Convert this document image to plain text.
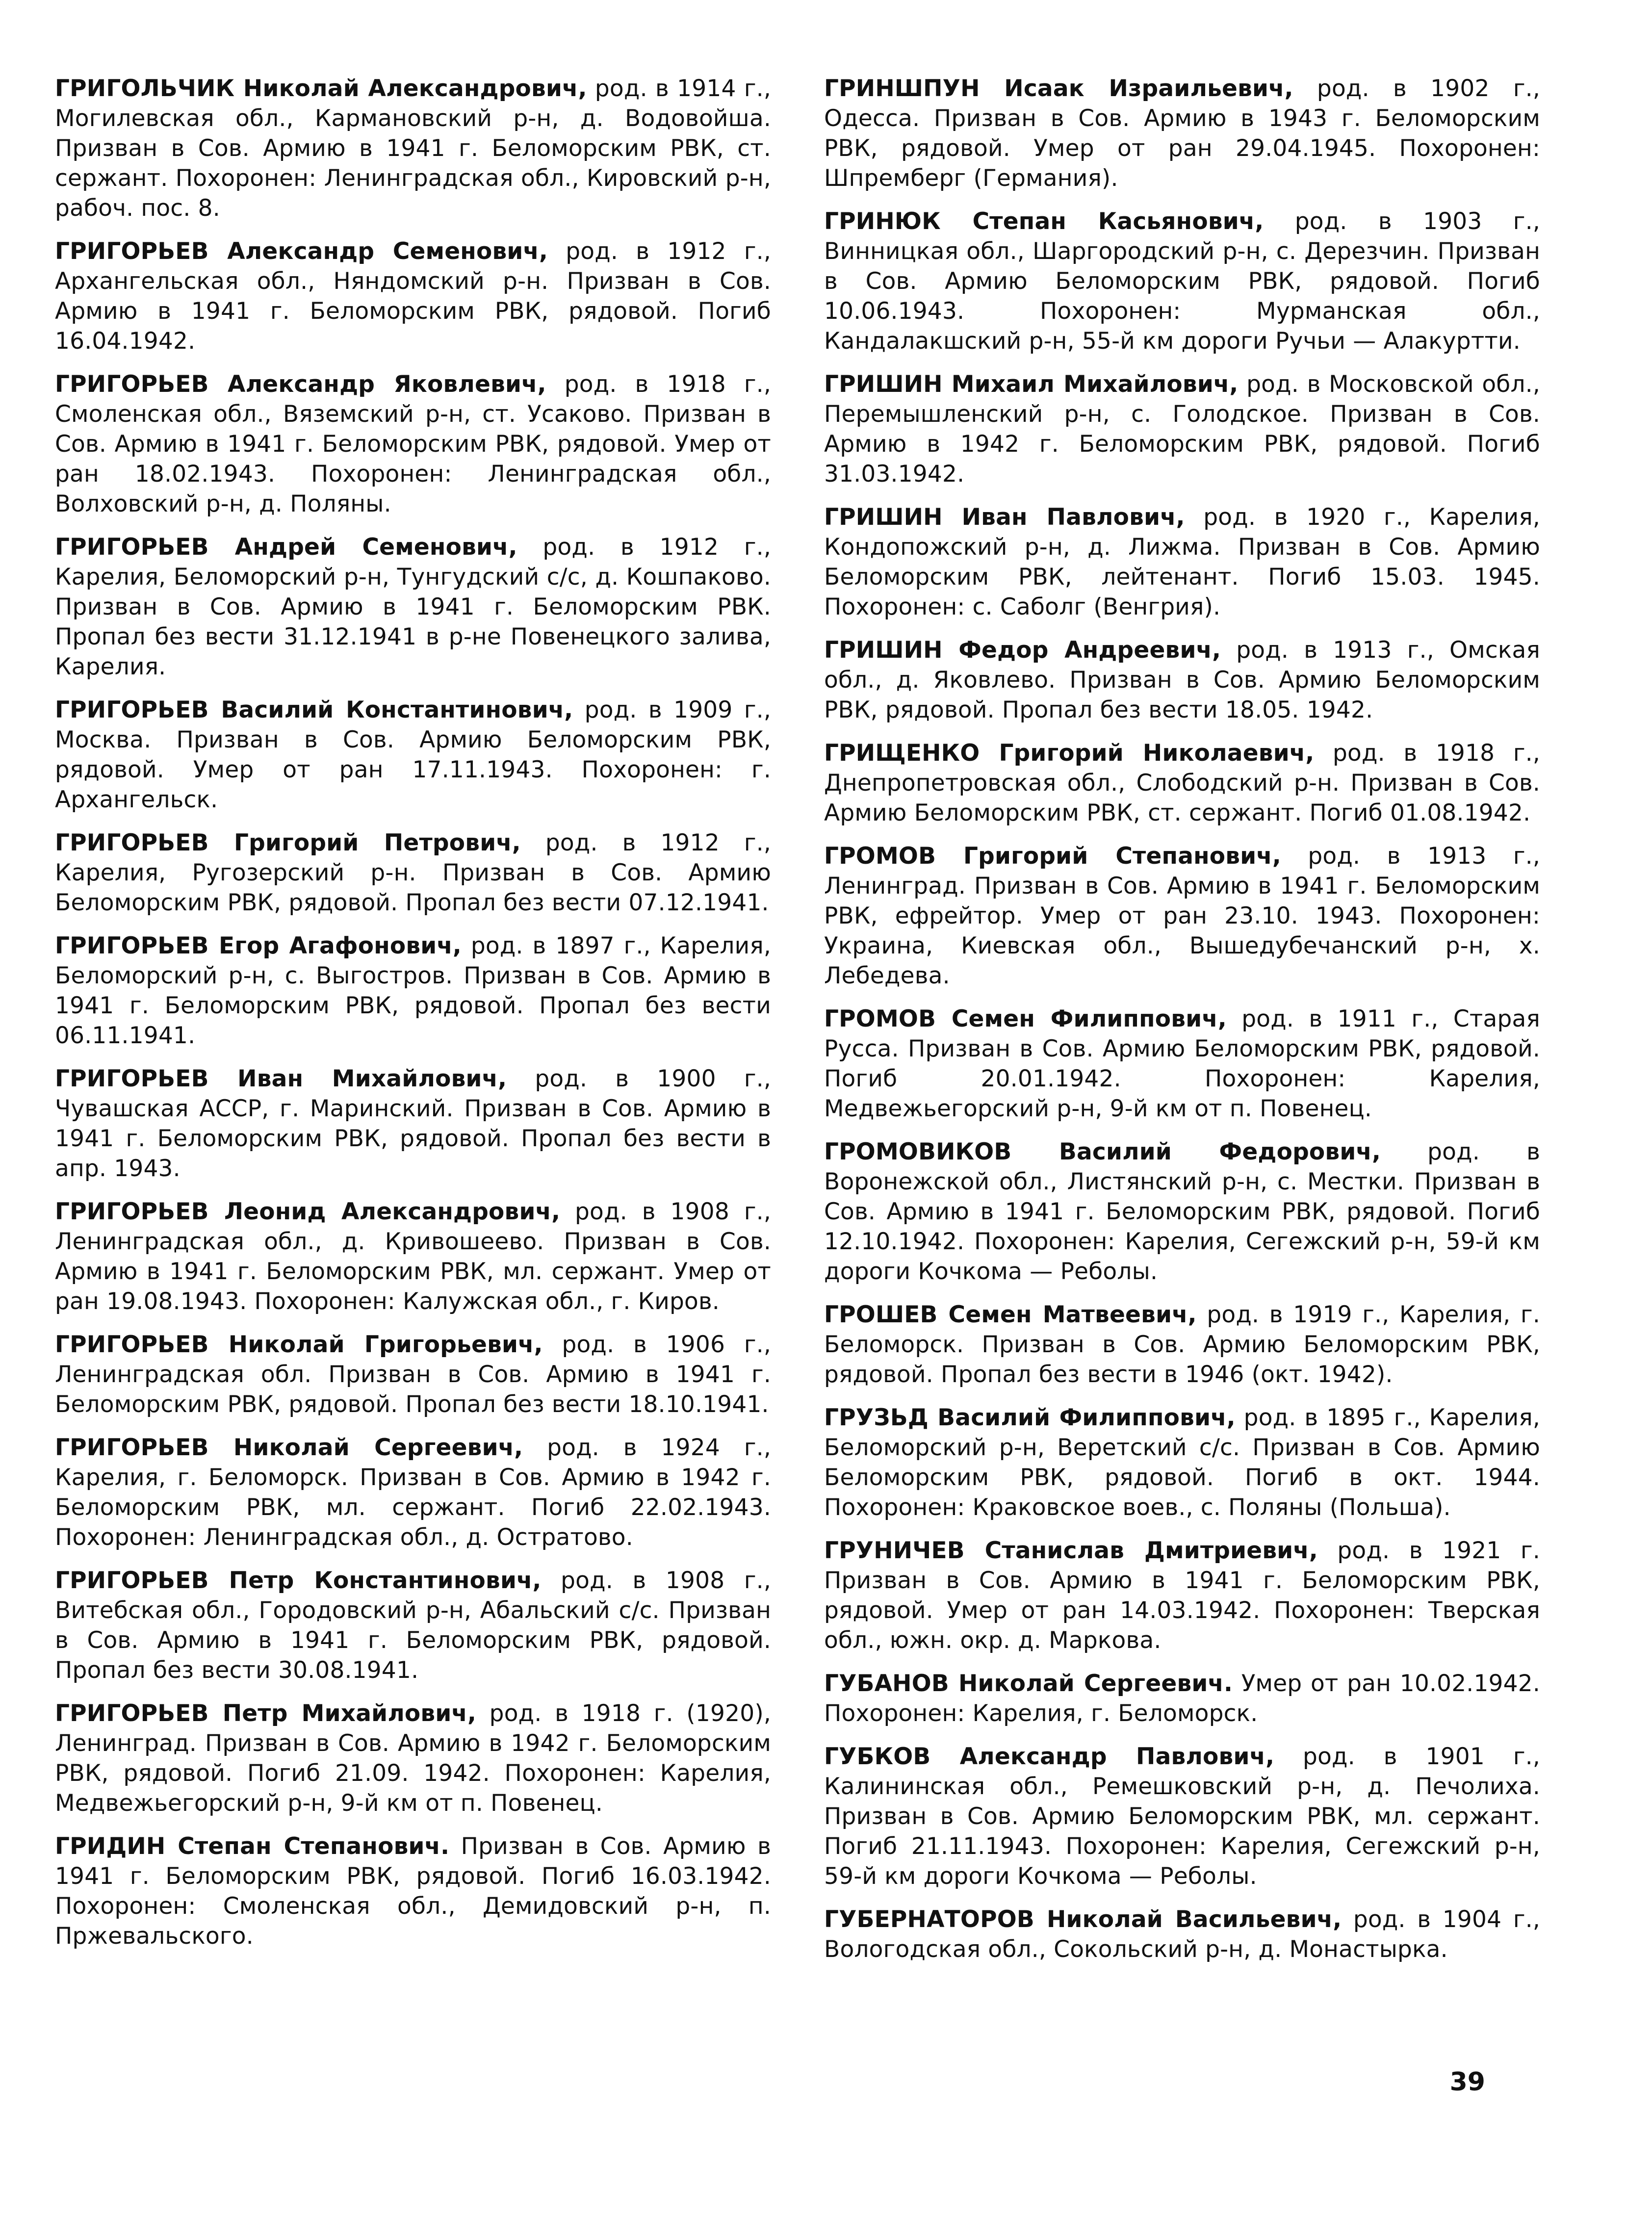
ГРИГОЛЬЧИК Николай Александрович, род. в 1914 г., Могилевская обл., Кармановский р-н, д. Водовойша. Призван в Сов. Армию в 1941 г. Беломорским РВК, ст. сержант. Похоронен: Ленинградская обл., Кировский р-н, рабоч. пос. 8.

ГРИГОРЬЕВ Александр Семенович, род. в 1912 г., Архангельская обл., Няндомский р-н. Призван в Сов. Армию в 1941 г. Беломорским РВК, рядовой. Погиб 16.04.1942.

ГРИГОРЬЕВ Александр Яковлевич, род. в 1918 г., Смоленская обл., Вяземский р-н, ст. Усаково. Призван в Сов. Армию в 1941 г. Беломорским РВК, рядовой. Умер от ран 18.02.1943. Похоронен: Ленинградская обл., Волховский р-н, д. Поляны.

ГРИГОРЬЕВ Андрей Семенович, род. в 1912 г., Карелия, Беломорский р-н, Тунгудский с/с, д. Кошпаково. Призван в Сов. Армию в 1941 г. Беломорским РВК. Пропал без вести 31.12.1941 в р-не Повенецкого залива, Карелия.

ГРИГОРЬЕВ Василий Константинович, род. в 1909 г., Москва. Призван в Сов. Армию Беломорским РВК, рядовой. Умер от ран 17.11.1943. Похоронен: г. Архангельск.

ГРИГОРЬЕВ Григорий Петрович, род. в 1912 г., Карелия, Ругозерский р-н. Призван в Сов. Армию Беломорским РВК, рядовой. Пропал без вести 07.12.1941.

ГРИГОРЬЕВ Егор Агафонович, род. в 1897 г., Карелия, Беломорский р-н, с. Выгостров. Призван в Сов. Армию в 1941 г. Беломорским РВК, рядовой. Пропал без вести 06.11.1941.

ГРИГОРЬЕВ Иван Михайлович, род. в 1900 г., Чувашская АССР, г. Маринский. Призван в Сов. Армию в 1941 г. Беломорским РВК, рядовой. Пропал без вести в апр. 1943.

ГРИГОРЬЕВ Леонид Александрович, род. в 1908 г., Ленинградская обл., д. Кривошеево. Призван в Сов. Армию в 1941 г. Беломорским РВК, мл. сержант. Умер от ран 19.08.1943. Похоронен: Калужская обл., г. Киров.

ГРИГОРЬЕВ Николай Григорьевич, род. в 1906 г., Ленинградская обл. Призван в Сов. Армию в 1941 г. Беломорским РВК, рядовой. Пропал без вести 18.10.1941.

ГРИГОРЬЕВ Николай Сергеевич, род. в 1924 г., Карелия, г. Беломорск. Призван в Сов. Армию в 1942 г. Беломорским РВК, мл. сержант. Погиб 22.02.1943. Похоронен: Ленинградская обл., д. Остратово.

ГРИГОРЬЕВ Петр Константинович, род. в 1908 г., Витебская обл., Городовский р-н, Абальский с/с. Призван в Сов. Армию в 1941 г. Беломорским РВК, рядовой. Пропал без вести 30.08.1941.

ГРИГОРЬЕВ Петр Михайлович, род. в 1918 г. (1920), Ленинград. Призван в Сов. Армию в 1942 г. Беломорским РВК, рядовой. Погиб 21.09. 1942. Похоронен: Карелия, Медвежьегорский р-н, 9-й км от п. Повенец.

ГРИДИН Степан Степанович. Призван в Сов. Армию в 1941 г. Беломорским РВК, рядовой. Погиб 16.03.1942. Похоронен: Смоленская обл., Демидовский р-н, п. Пржевальского.

ГРИНШПУН Исаак Израильевич, род. в 1902 г., Одесса. Призван в Сов. Армию в 1943 г. Беломорским РВК, рядовой. Умер от ран 29.04.1945. Похоронен: Шпремберг (Германия).

ГРИНЮК Степан Касьянович, род. в 1903 г., Винницкая обл., Шаргородский р-н, с. Дерезчин. Призван в Сов. Армию Беломорским РВК, рядовой. Погиб 10.06.1943. Похоронен: Мурманская обл., Кандалакшский р-н, 55-й км дороги Ручьи — Алакуртти.

ГРИШИН Михаил Михайлович, род. в Московской обл., Перемышленский р-н, с. Голодское. Призван в Сов. Армию в 1942 г. Беломорским РВК, рядовой. Погиб 31.03.1942.

ГРИШИН Иван Павлович, род. в 1920 г., Карелия, Кондопожский р-н, д. Лижма. Призван в Сов. Армию Беломорским РВК, лейтенант. Погиб 15.03. 1945. Похоронен: с. Саболг (Венгрия).

ГРИШИН Федор Андреевич, род. в 1913 г., Омская обл., д. Яковлево. Призван в Сов. Армию Беломорским РВК, рядовой. Пропал без вести 18.05. 1942.

ГРИЩЕНКО Григорий Николаевич, род. в 1918 г., Днепропетровская обл., Слободский р-н. Призван в Сов. Армию Беломорским РВК, ст. сержант. Погиб 01.08.1942.

ГРОМОВ Григорий Степанович, род. в 1913 г., Ленинград. Призван в Сов. Армию в 1941 г. Беломорским РВК, ефрейтор. Умер от ран 23.10. 1943. Похоронен: Украина, Киевская обл., Вышедубечанский р-н, х. Лебедева.

ГРОМОВ Семен Филиппович, род. в 1911 г., Старая Русса. Призван в Сов. Армию Беломорским РВК, рядовой. Погиб 20.01.1942. Похоронен: Карелия, Медвежьегорский р-н, 9-й км от п. Повенец.

ГРОМОВИКОВ Василий Федорович, род. в Воронежской обл., Листянский р-н, с. Местки. Призван в Сов. Армию в 1941 г. Беломорским РВК, рядовой. Погиб 12.10.1942. Похоронен: Карелия, Сегежский р-н, 59-й км дороги Кочкома — Реболы.

ГРОШЕВ Семен Матвеевич, род. в 1919 г., Карелия, г. Беломорск. Призван в Сов. Армию Беломорским РВК, рядовой. Пропал без вести в 1946 (окт. 1942).

ГРУЗЬД Василий Филиппович, род. в 1895 г., Карелия, Беломорский р-н, Веретский с/с. Призван в Сов. Армию Беломорским РВК, рядовой. Погиб в окт. 1944. Похоронен: Краковское воев., с. Поляны (Польша).

ГРУНИЧЕВ Станислав Дмитриевич, род. в 1921 г. Призван в Сов. Армию в 1941 г. Беломорским РВК, рядовой. Умер от ран 14.03.1942. Похоронен: Тверская обл., южн. окр. д. Маркова.

ГУБАНОВ Николай Сергеевич. Умер от ран 10.02.1942. Похоронен: Карелия, г. Беломорск.

ГУБКОВ Александр Павлович, род. в 1901 г., Калининская обл., Ремешковский р-н, д. Печолиха. Призван в Сов. Армию Беломорским РВК, мл. сержант. Погиб 21.11.1943. Похоронен: Карелия, Сегежский р-н, 59-й км дороги Кочкома — Реболы.

ГУБЕРНАТОРОВ Николай Васильевич, род. в 1904 г., Вологодская обл., Сокольский р-н, д. Монастырка.

39
